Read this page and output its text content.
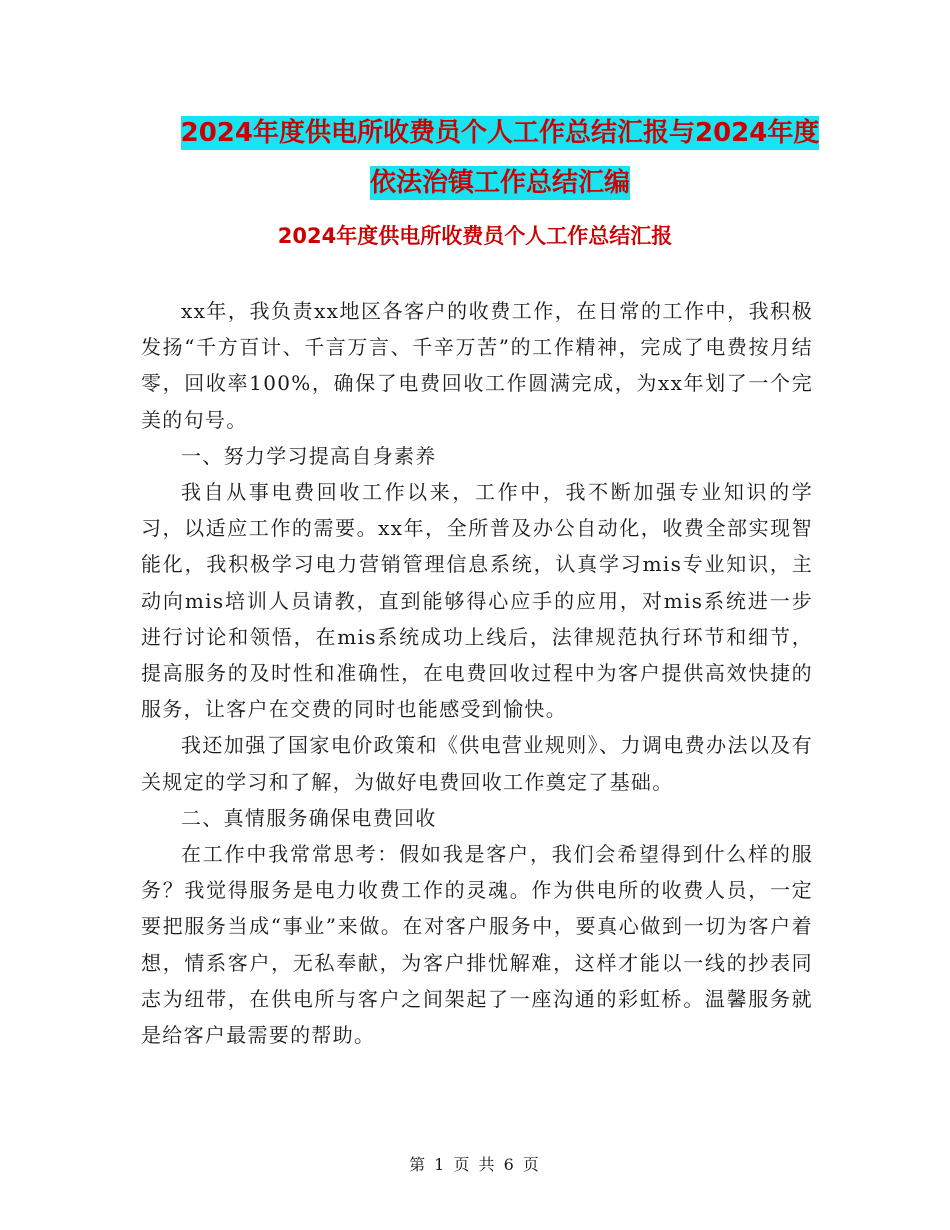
2024年度供电所收费员个人工作总结汇报与2024年度
依法治镇工作总结汇编
2024年度供电所收费员个人工作总结汇报

xx年，我负责xx地区各客户的收费工作，在日常的工作中，我积极发扬“千方百计、千言万言、千辛万苦”的工作精神，完成了电费按月结零，回收率100%，确保了电费回收工作圆满完成，为xx年划了一个完美的句号。

一、努力学习提高自身素养

我自从事电费回收工作以来，工作中，我不断加强专业知识的学习，以适应工作的需要。xx年，全所普及办公自动化，收费全部实现智能化，我积极学习电力营销管理信息系统，认真学习mis专业知识，主动向mis培训人员请教，直到能够得心应手的应用，对mis系统进一步进行讨论和领悟，在mis系统成功上线后，法律规范执行环节和细节，提高服务的及时性和准确性，在电费回收过程中为客户提供高效快捷的服务，让客户在交费的同时也能感受到愉快。

我还加强了国家电价政策和《供电营业规则》、力调电费办法以及有关规定的学习和了解，为做好电费回收工作奠定了基础。

二、真情服务确保电费回收

在工作中我常常思考：假如我是客户，我们会希望得到什么样的服务？我觉得服务是电力收费工作的灵魂。作为供电所的收费人员，一定要把服务当成“事业”来做。在对客户服务中，要真心做到一切为客户着想，情系客户，无私奉献，为客户排忧解难，这样才能以一线的抄表同志为纽带，在供电所与客户之间架起了一座沟通的彩虹桥。温馨服务就是给客户最需要的帮助。

第 1 页 共 6 页
